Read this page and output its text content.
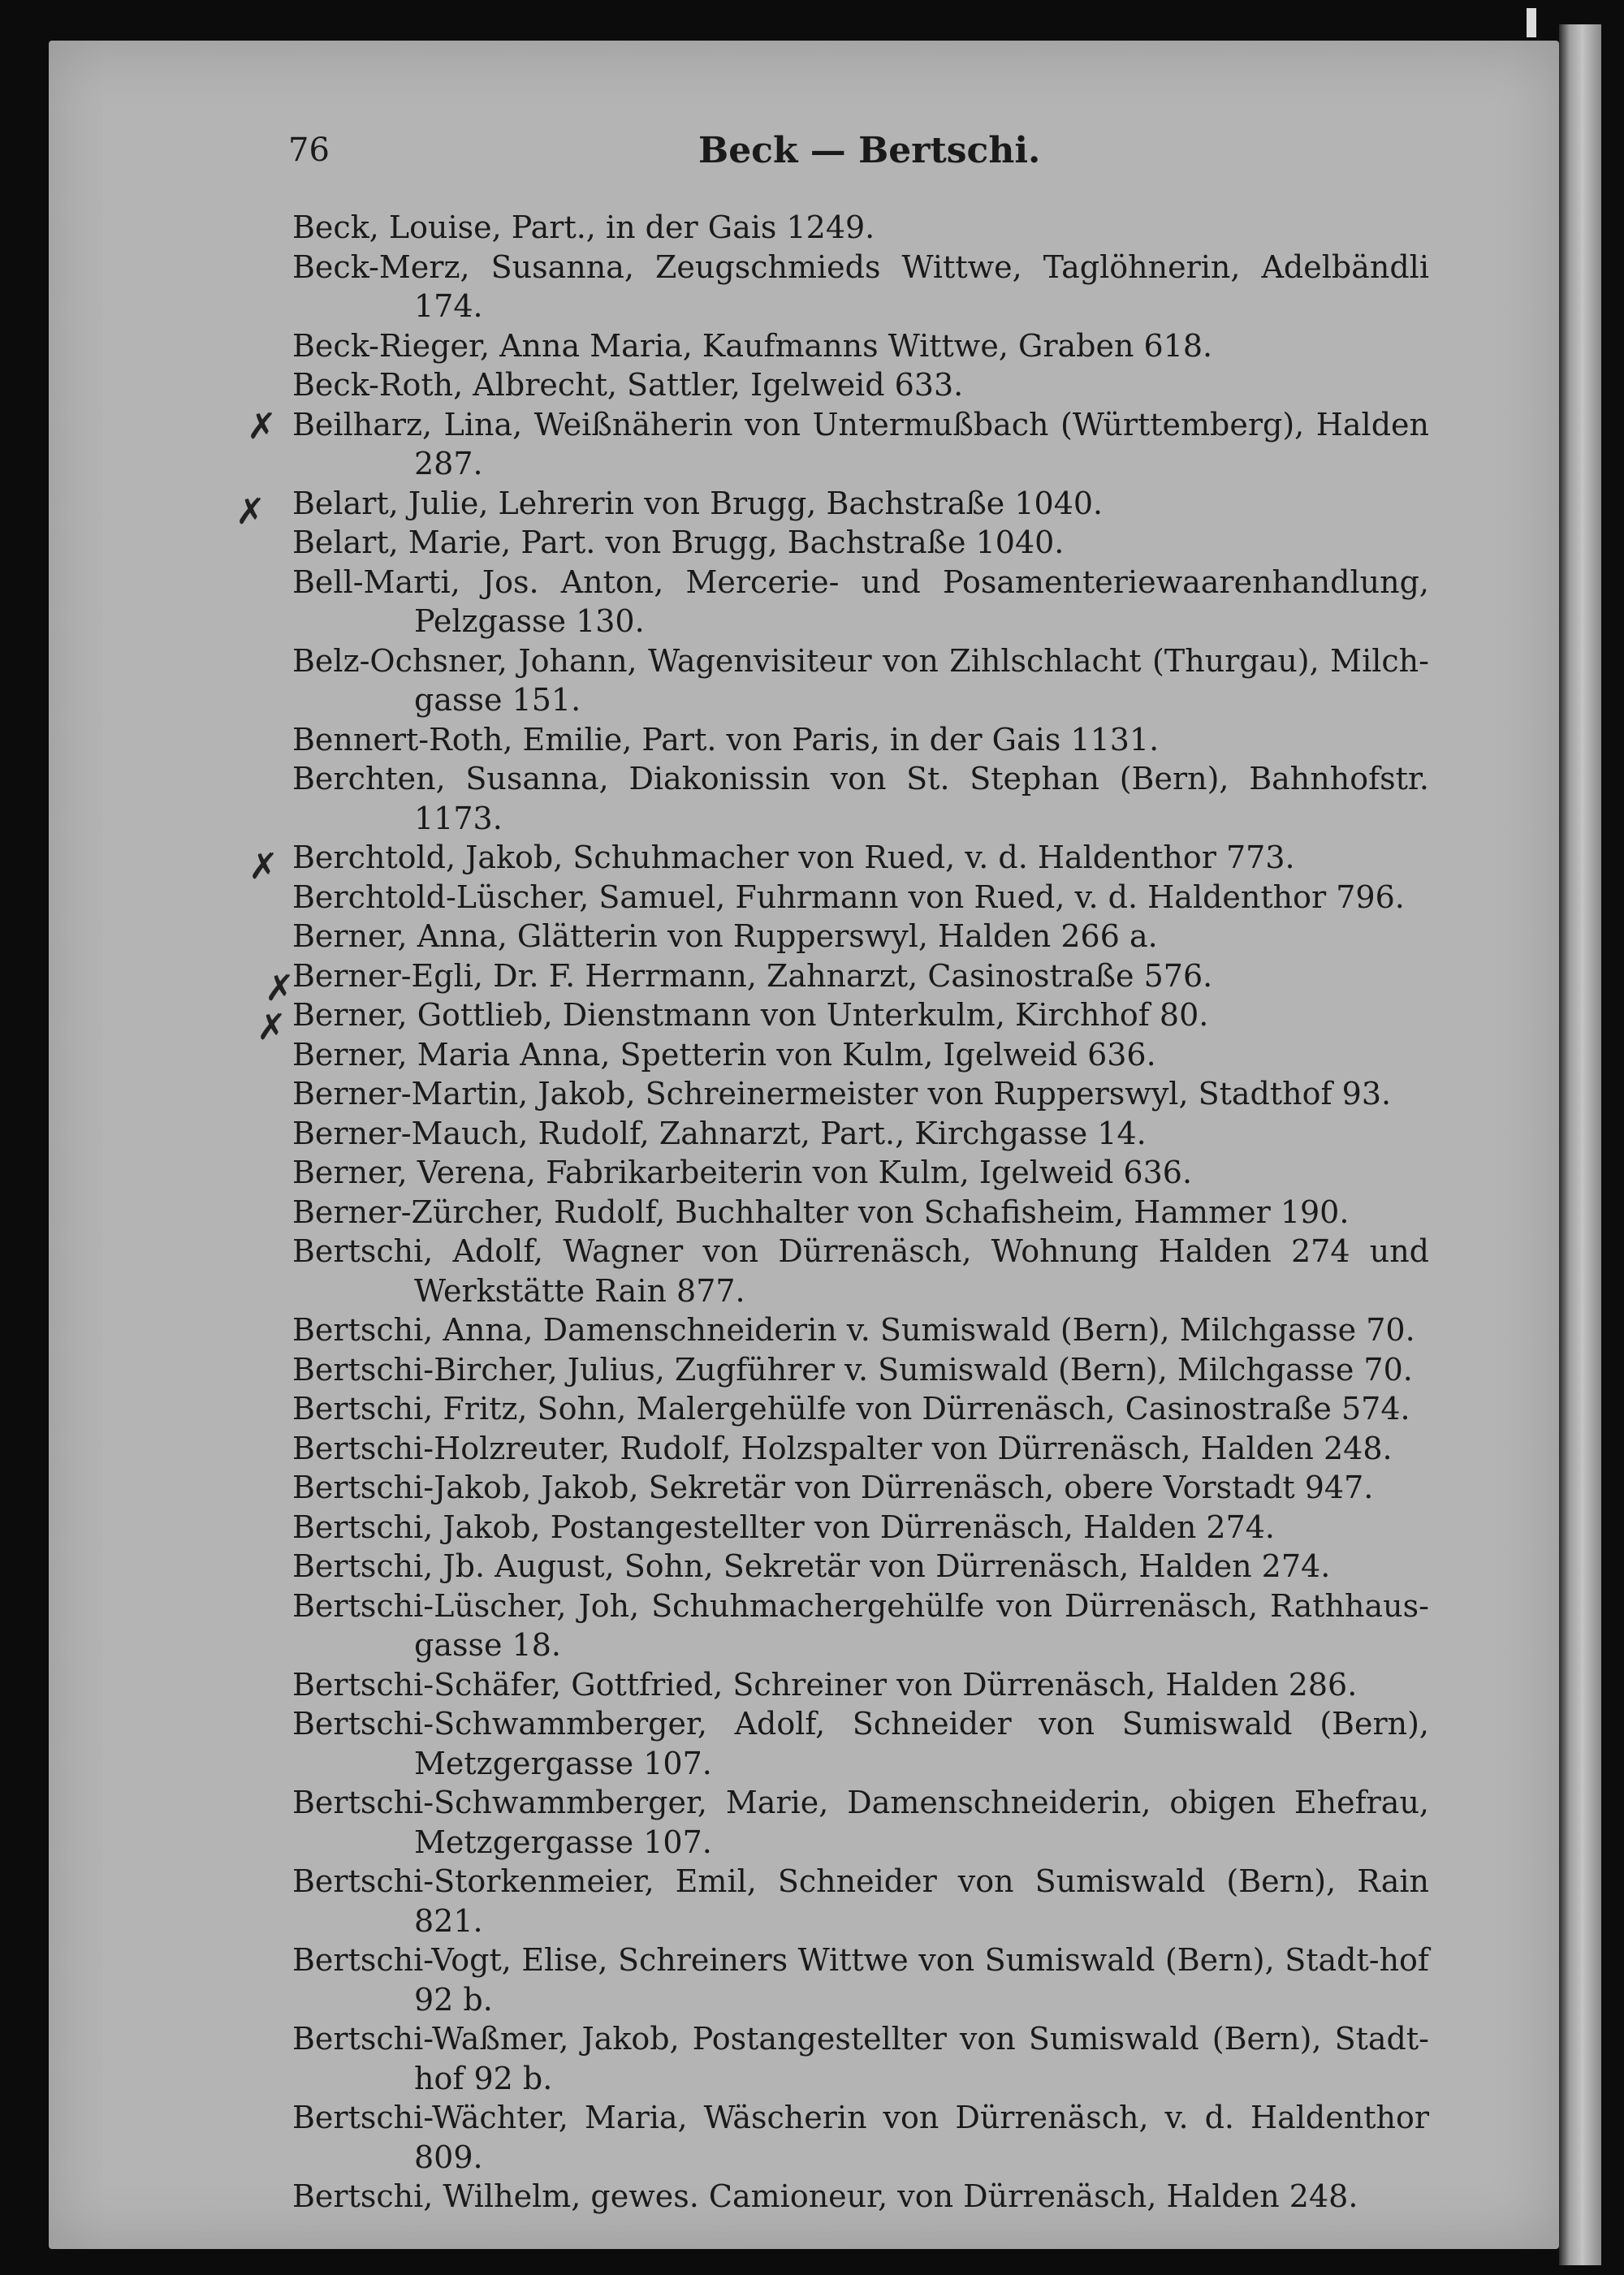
76	Beck — Bertschi.
Beck, Louise, Part., in der Gais 1249.
Beck-Merz, Susanna, Zeugschmieds Wittwe, Taglöhnerin, Adelbändli 174.
Beck-Rieger, Anna Maria, Kaufmanns Wittwe, Graben 618.
Beck-Roth, Albrecht, Sattler, Igelweid 633.
Beilharz, Lina, Weißnäherin von Untermußbach (Württemberg), Halden 287.
Belart, Julie, Lehrerin von Brugg, Bachstraße 1040.
Belart, Marie, Part. von Brugg, Bachstraße 1040.
Bell-Marti, Jos. Anton, Mercerie- und Posamenteriewaarenhandlung, Pelzgasse 130.
Belz-Ochsner, Johann, Wagenvisiteur von Zihlschlacht (Thurgau), Milch-gasse 151.
Bennert-Roth, Emilie, Part. von Paris, in der Gais 1131.
Berchten, Susanna, Diakonissin von St. Stephan (Bern), Bahnhofstr. 1173.
Berchtold, Jakob, Schuhmacher von Rued, v. d. Haldenthor 773.
Berchtold-Lüscher, Samuel, Fuhrmann von Rued, v. d. Haldenthor 796.
Berner, Anna, Glätterin von Rupperswyl, Halden 266 a.
Berner-Egli, Dr. F. Herrmann, Zahnarzt, Casinostraße 576.
Berner, Gottlieb, Dienstmann von Unterkulm, Kirchhof 80.
Berner, Maria Anna, Spetterin von Kulm, Igelweid 636.
Berner-Martin, Jakob, Schreinermeister von Rupperswyl, Stadthof 93.
Berner-Mauch, Rudolf, Zahnarzt, Part., Kirchgasse 14.
Berner, Verena, Fabrikarbeiterin von Kulm, Igelweid 636.
Berner-Zürcher, Rudolf, Buchhalter von Schafisheim, Hammer 190.
Bertschi, Adolf, Wagner von Dürrenäsch, Wohnung Halden 274 und Werkstätte Rain 877.
Bertschi, Anna, Damenschneiderin v. Sumiswald (Bern), Milchgasse 70.
Bertschi-Bircher, Julius, Zugführer v. Sumiswald (Bern), Milchgasse 70.
Bertschi, Fritz, Sohn, Malergehülfe von Dürrenäsch, Casinostraße 574.
Bertschi-Holzreuter, Rudolf, Holzspalter von Dürrenäsch, Halden 248.
Bertschi-Jakob, Jakob, Sekretär von Dürrenäsch, obere Vorstadt 947.
Bertschi, Jakob, Postangestellter von Dürrenäsch, Halden 274.
Bertschi, Jb. August, Sohn, Sekretär von Dürrenäsch, Halden 274.
Bertschi-Lüscher, Joh, Schuhmachergehülfe von Dürrenäsch, Rathhaus-gasse 18.
Bertschi-Schäfer, Gottfried, Schreiner von Dürrenäsch, Halden 286.
Bertschi-Schwammberger, Adolf, Schneider von Sumiswald (Bern), Metzgergasse 107.
Bertschi-Schwammberger, Marie, Damenschneiderin, obigen Ehefrau, Metzgergasse 107.
Bertschi-Storkenmeier, Emil, Schneider von Sumiswald (Bern), Rain 821.
Bertschi-Vogt, Elise, Schreiners Wittwe von Sumiswald (Bern), Stadt-hof 92 b.
Bertschi-Waßmer, Jakob, Postangestellter von Sumiswald (Bern), Stadt-hof 92 b.
Bertschi-Wächter, Maria, Wäscherin von Dürrenäsch, v. d. Haldenthor 809.
Bertschi, Wilhelm, gewes. Camioneur, von Dürrenäsch, Halden 248.
✗
✗
✗
✗
✗
